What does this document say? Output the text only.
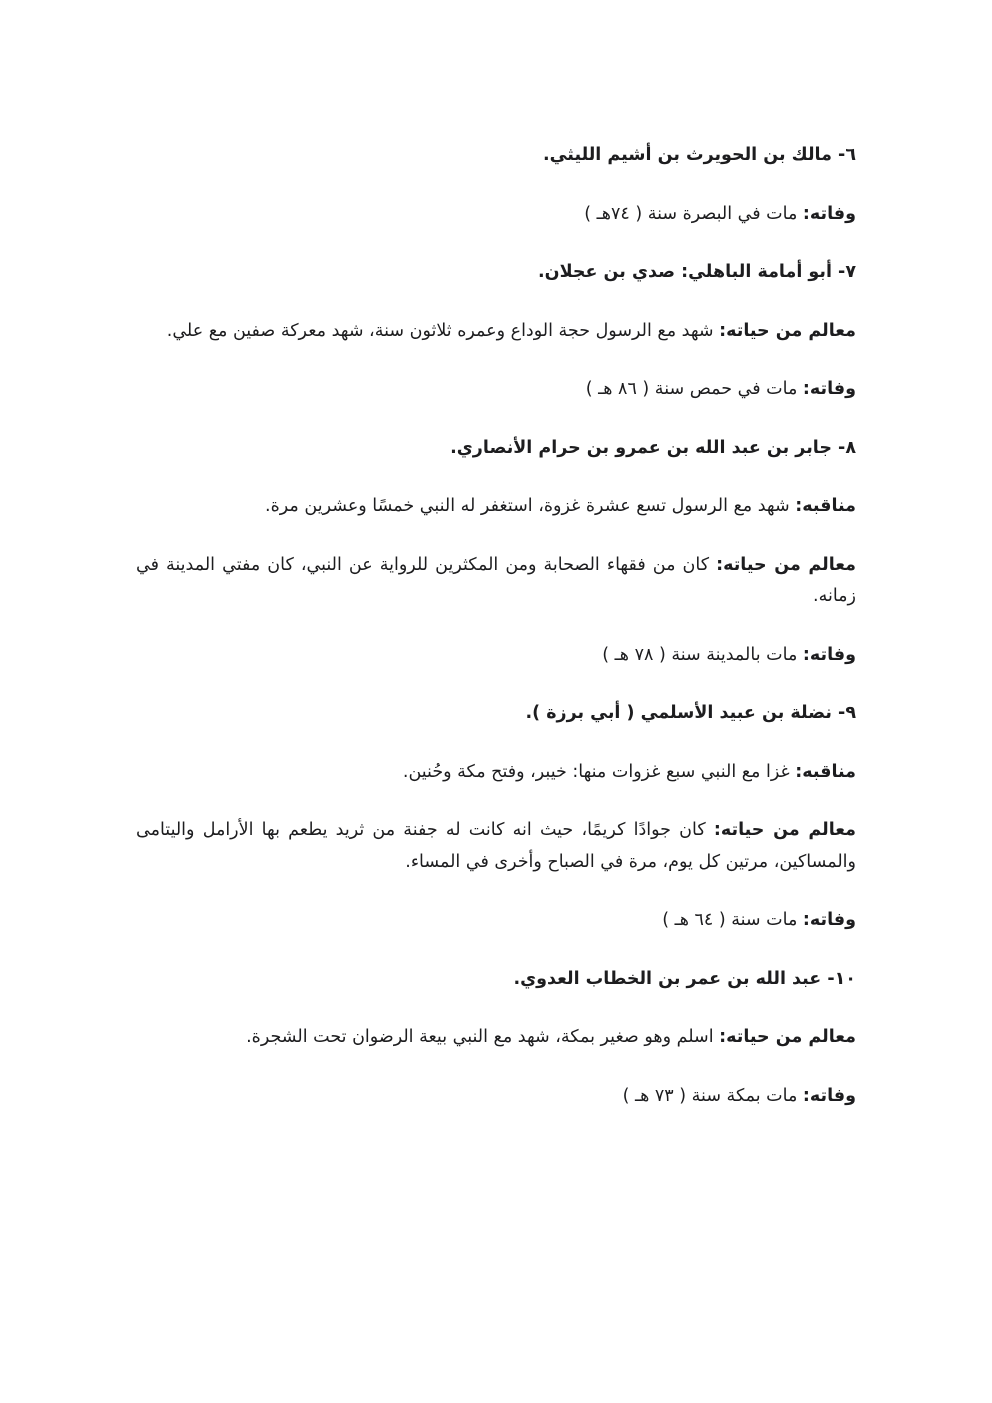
٦- مالك بن الحويرث بن أشيم الليثي.

وفاته: مات في البصرة سنة ( ٧٤هـ )

٧- أبو أمامة الباهلي: صدي بن عجلان.

معالم من حياته: شهد مع الرسول حجة الوداع وعمره ثلاثون سنة، شهد معركة صفين مع علي.

وفاته: مات في حمص سنة ( ٨٦ هـ )

٨- جابر بن عبد الله بن عمرو بن حرام الأنصاري.

مناقبه: شهد مع الرسول تسع عشرة غزوة، استغفر له النبي خمسًا وعشرين مرة.

معالم من حياته: كان من فقهاء الصحابة ومن المكثرين للرواية عن النبي، كان مفتي المدينة في زمانه.

وفاته: مات بالمدينة سنة ( ٧٨ هـ )

٩- نضلة بن عبيد الأسلمي ( أبي برزة ).

مناقبه: غزا مع النبي سبع غزوات منها: خيبر، وفتح مكة وحُنين.

معالم من حياته: كان جوادًا كريمًا، حيث انه كانت له جفنة من ثريد يطعم بها الأرامل واليتامى والمساكين، مرتين كل يوم، مرة في الصباح وأخرى في المساء.

وفاته: مات سنة ( ٦٤ هـ )

١٠- عبد الله بن عمر بن الخطاب العدوي.

معالم من حياته: اسلم وهو صغير بمكة، شهد مع النبي بيعة الرضوان تحت الشجرة.

وفاته: مات بمكة سنة ( ٧٣ هـ )
